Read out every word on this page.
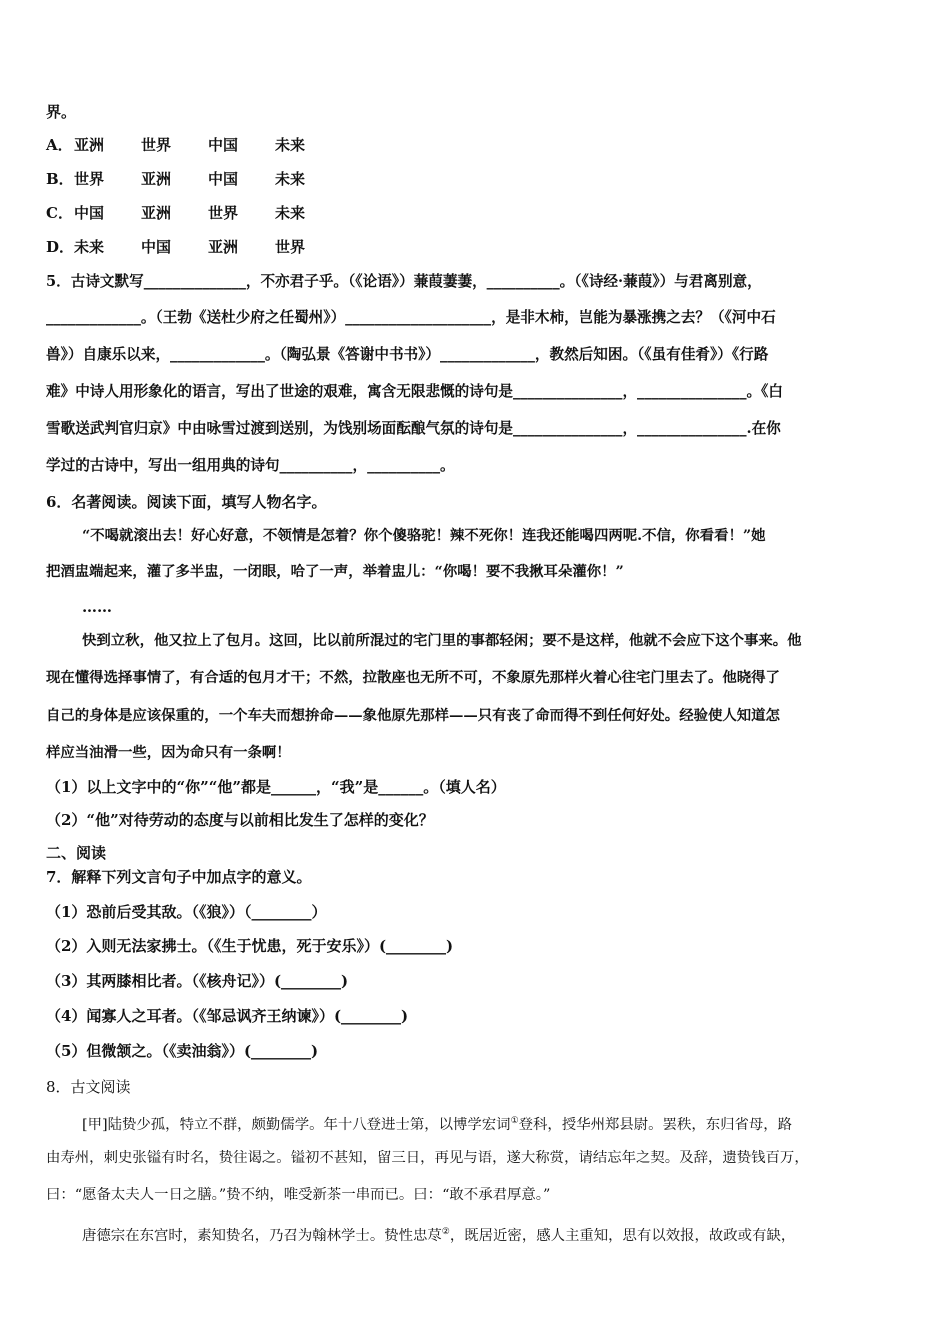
界。
A．亚洲 世界 中国 未来
B．世界 亚洲 中国 未来
C．中国 亚洲 世界 未来
D．未来 中国 亚洲 世界
5．古诗文默写______________，不亦君子乎。（《论语》）蒹葭萋萋，__________。（《诗经·蒹葭》）与君离别意，
_____________。（王勃《送杜少府之任蜀州》）____________________，是非木柿，岂能为暴涨携之去？（《河中石
兽》）自康乐以来，_____________。（陶弘景《答谢中书书》）_____________，教然后知困。（《虽有佳肴》）《行路
难》中诗人用形象化的语言，写出了世途的艰难，寓含无限悲慨的诗句是_______________，_______________。《白
雪歌送武判官归京》中由咏雪过渡到送别，为饯别场面酝酿气氛的诗句是_______________，_______________.在你
学过的古诗中，写出一组用典的诗句__________，__________。
6．名著阅读。阅读下面，填写人物名字。
“不喝就滚出去！好心好意，不领情是怎着？你个傻骆驼！辣不死你！连我还能喝四两呢.不信，你看看！”她
把酒盅端起来，灌了多半盅，一闭眼，哈了一声，举着盅儿：“你喝！要不我揪耳朵灌你！”
……
快到立秋，他又拉上了包月。这回，比以前所混过的宅门里的事都轻闲；要不是这样，他就不会应下这个事来。他
现在懂得选择事情了，有合适的包月才干；不然，拉散座也无所不可，不象原先那样火着心往宅门里去了。他晓得了
自己的身体是应该保重的，一个车夫而想拚命——象他原先那样——只有丧了命而得不到任何好处。经验使人知道怎
样应当油滑一些，因为命只有一条啊！
（1）以上文字中的“你”“他”都是______，“我”是______。（填人名）
（2）“他”对待劳动的态度与以前相比发生了怎样的变化？
二、阅读
7．解释下列文言句子中加点字的意义。
（1）恐前后受其敌。（《狼》）（________）
（2）入则无法家拂士。（《生于忧患，死于安乐》）(________)
（3）其两膝相比者。（《核舟记》）(________)
（4）闻寡人之耳者。（《邹忌讽齐王纳谏》）(________)
（5）但微颔之。（《卖油翁》）(________)
8．古文阅读
[甲]陆贽少孤，特立不群，颇勤儒学。年十八登进士第，以博学宏词①登科，授华州郑县尉。罢秩，东归省母，路
由寿州，刺史张镒有时名，贽往谒之。镒初不甚知，留三日，再见与语，遂大称赏，请结忘年之契。及辞，遗贽钱百万，
曰：“愿备太夫人一日之膳。”贽不纳，唯受新茶一串而已。曰：“敢不承君厚意。”
唐德宗在东宫时，素知贽名，乃召为翰林学士。贽性忠荩②，既居近密，感人主重知，思有以效报，故政或有缺，
